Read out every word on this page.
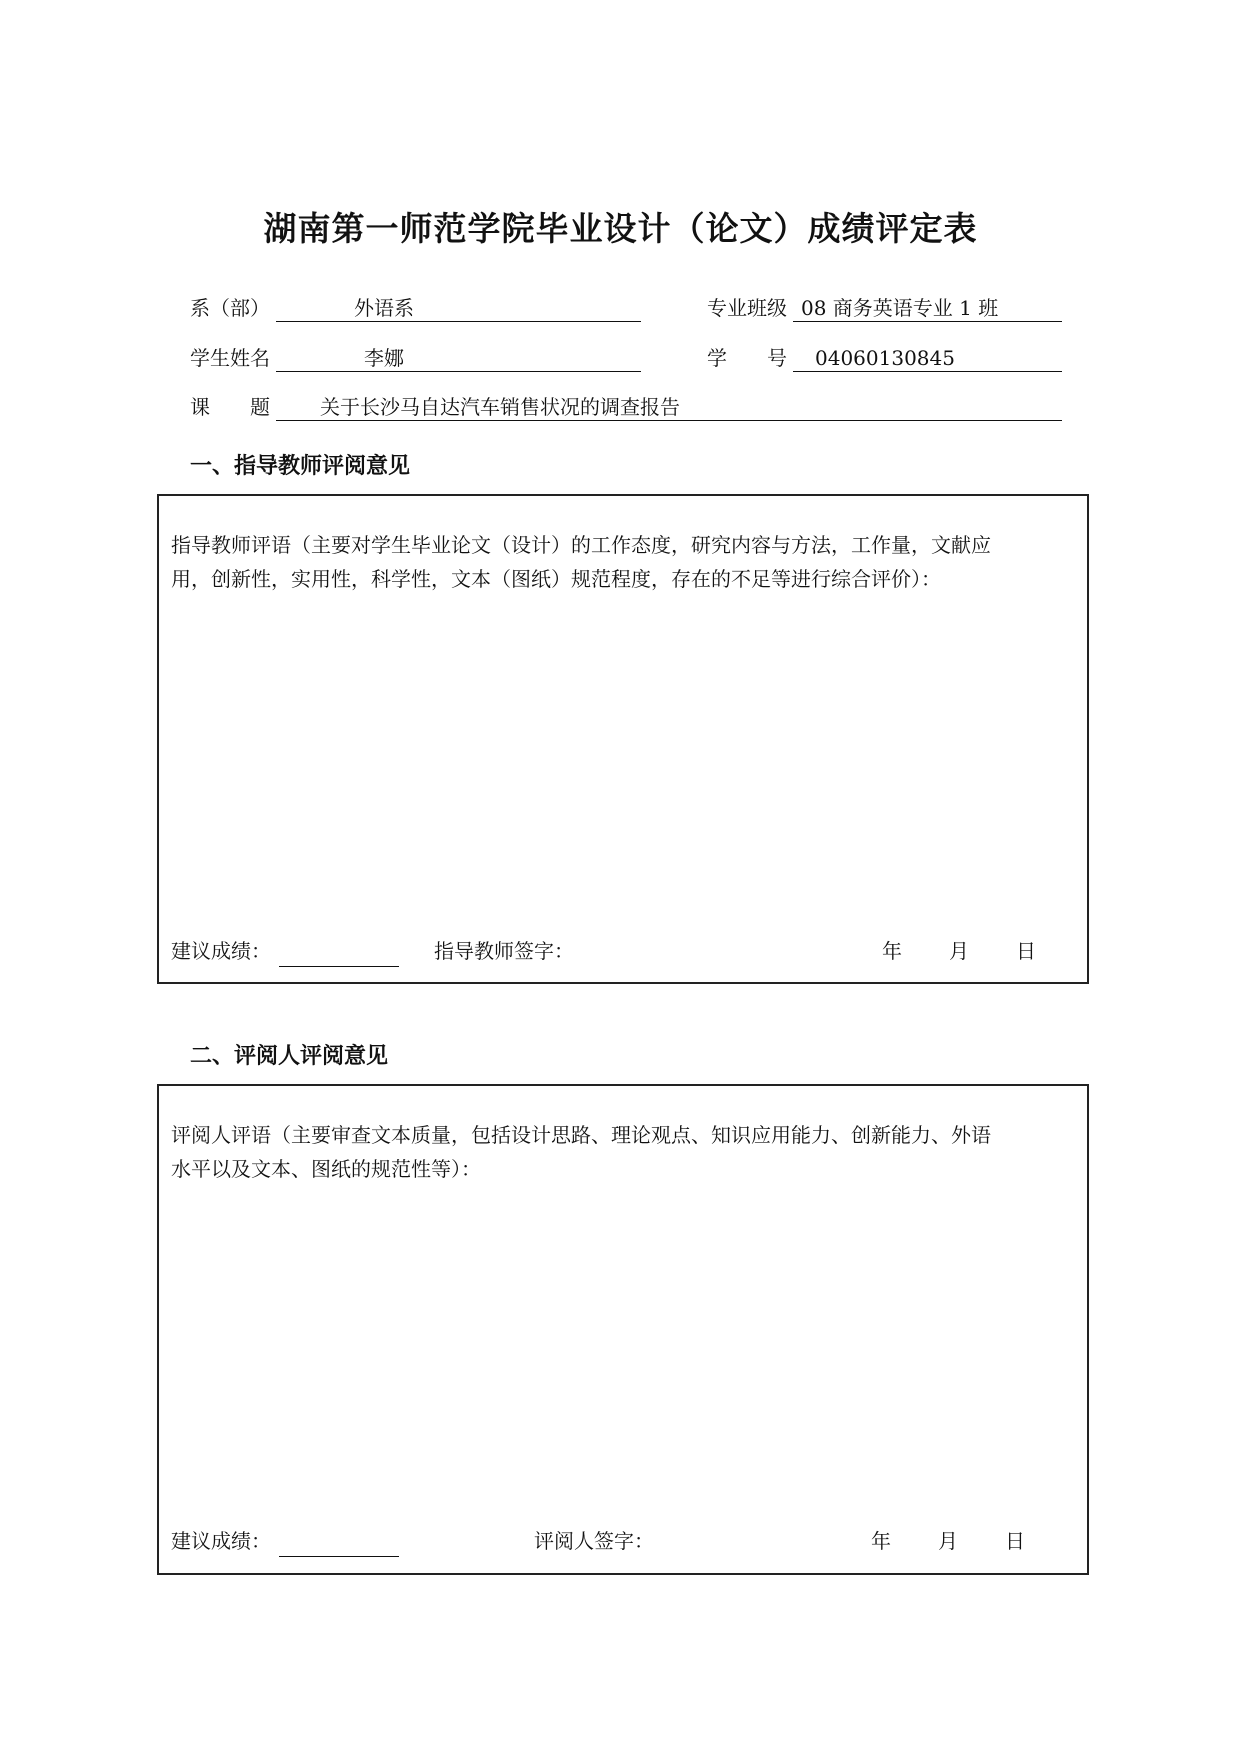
湖南第一师范学院毕业设计（论文）成绩评定表
系（部）	外语系	专业班级 08 商务英语专业 1 班
学生姓名	李娜	学　　号 04060130845
课　　题	关于长沙马自达汽车销售状况的调查报告
一、指导教师评阅意见
指导教师评语（主要对学生毕业论文（设计）的工作态度，研究内容与方法，工作量，文献应
用，创新性，实用性，科学性，文本（图纸）规范程度，存在的不足等进行综合评价）：
建议成绩：	指导教师签字：	年 月 日
二、评阅人评阅意见
评阅人评语（主要审查文本质量，包括设计思路、理论观点、知识应用能力、创新能力、外语
水平以及文本、图纸的规范性等）：
建议成绩：	评阅人签字：	年 月 日
